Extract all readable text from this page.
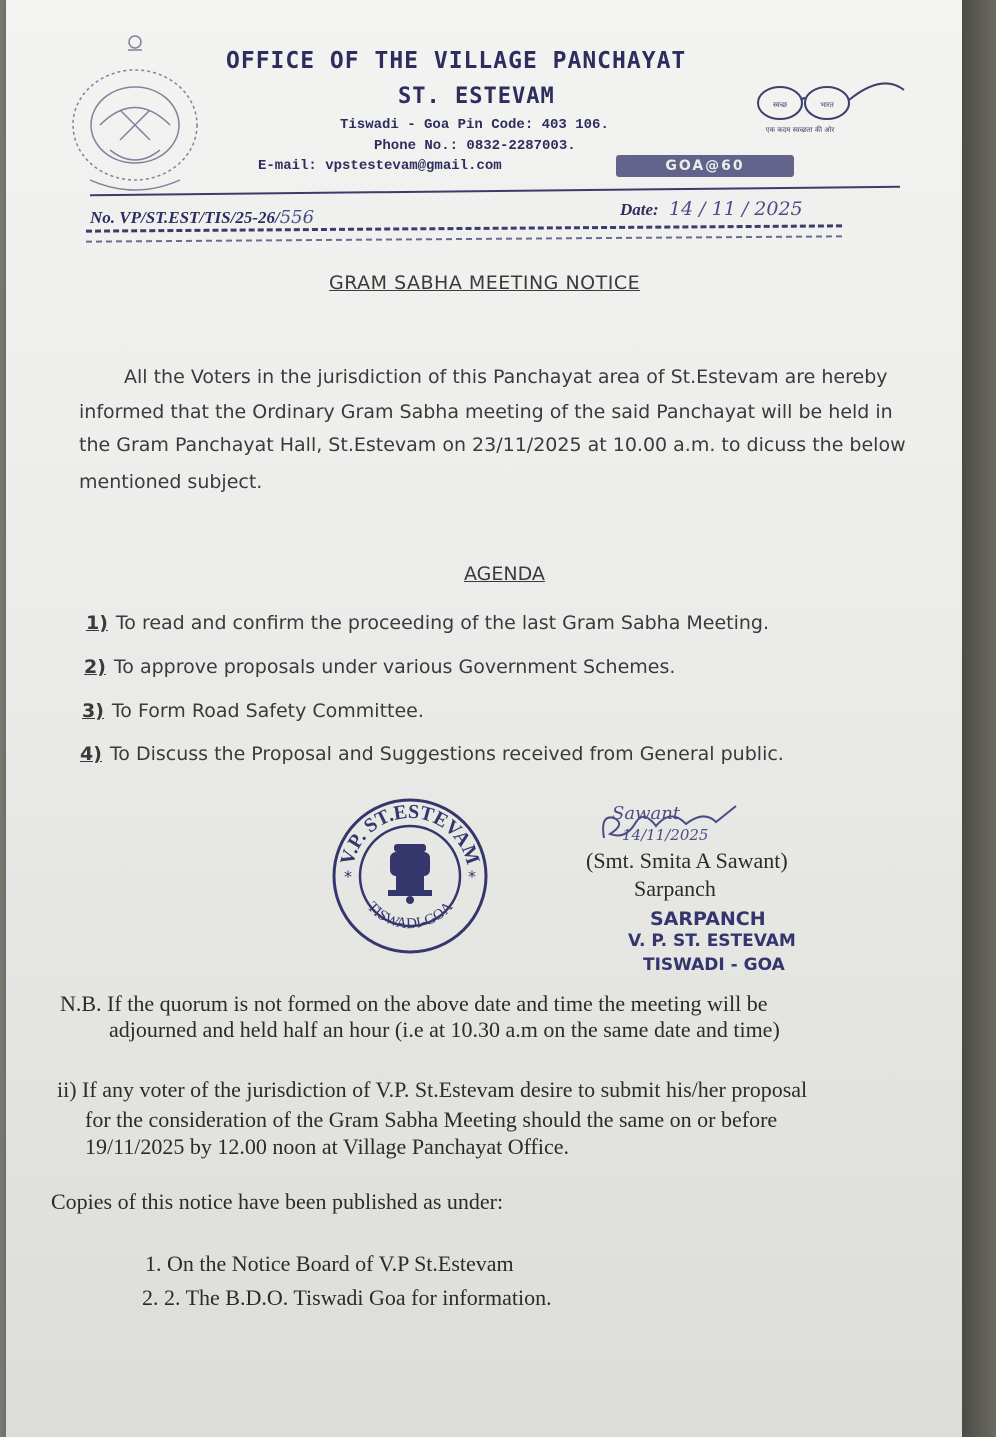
OFFICE OF THE VILLAGE PANCHAYAT
ST. ESTEVAM
Tiswadi - Goa Pin Code: 403 106.
Phone No.: 0832-2287003.
E-mail: vpstestevam@gmail.com
स्वच्छ	भारत
एक कदम स्वच्छता की ओर
GOA@60
No. VP/ST.EST/TIS/25-26/556	Date: 14 / 11 / 2025
GRAM SABHA MEETING NOTICE
All the Voters in the jurisdiction of this Panchayat area of St.Estevam are hereby
informed that the Ordinary Gram Sabha meeting of the said Panchayat will be held in
the Gram Panchayat Hall, St.Estevam on 23/11/2025 at 10.00 a.m. to dicuss the below
mentioned subject.
AGENDA
1) To read and confirm the proceeding of the last Gram Sabha Meeting.
2) To approve proposals under various Government Schemes.
3) To Form Road Safety Committee.
4) To Discuss the Proposal and Suggestions received from General public.
V.P. ST.ESTEVAM
TISWADI-GOA
*	*
Sawant
14/11/2025
(Smt. Smita A Sawant)
Sarpanch
SARPANCH
V. P. ST. ESTEVAM
TISWADI - GOA
N.B. If the quorum is not formed on the above date and time the meeting will be
adjourned and held half an hour (i.e at 10.30 a.m on the same date and time)
ii) If any voter of the jurisdiction of V.P. St.Estevam desire to submit his/her proposal
for the consideration of the Gram Sabha Meeting should the same on or before
19/11/2025 by 12.00 noon at Village Panchayat Office.
Copies of this notice have been published as under:
1. On the Notice Board of V.P St.Estevam
2. 2. The B.D.O. Tiswadi Goa for information.
